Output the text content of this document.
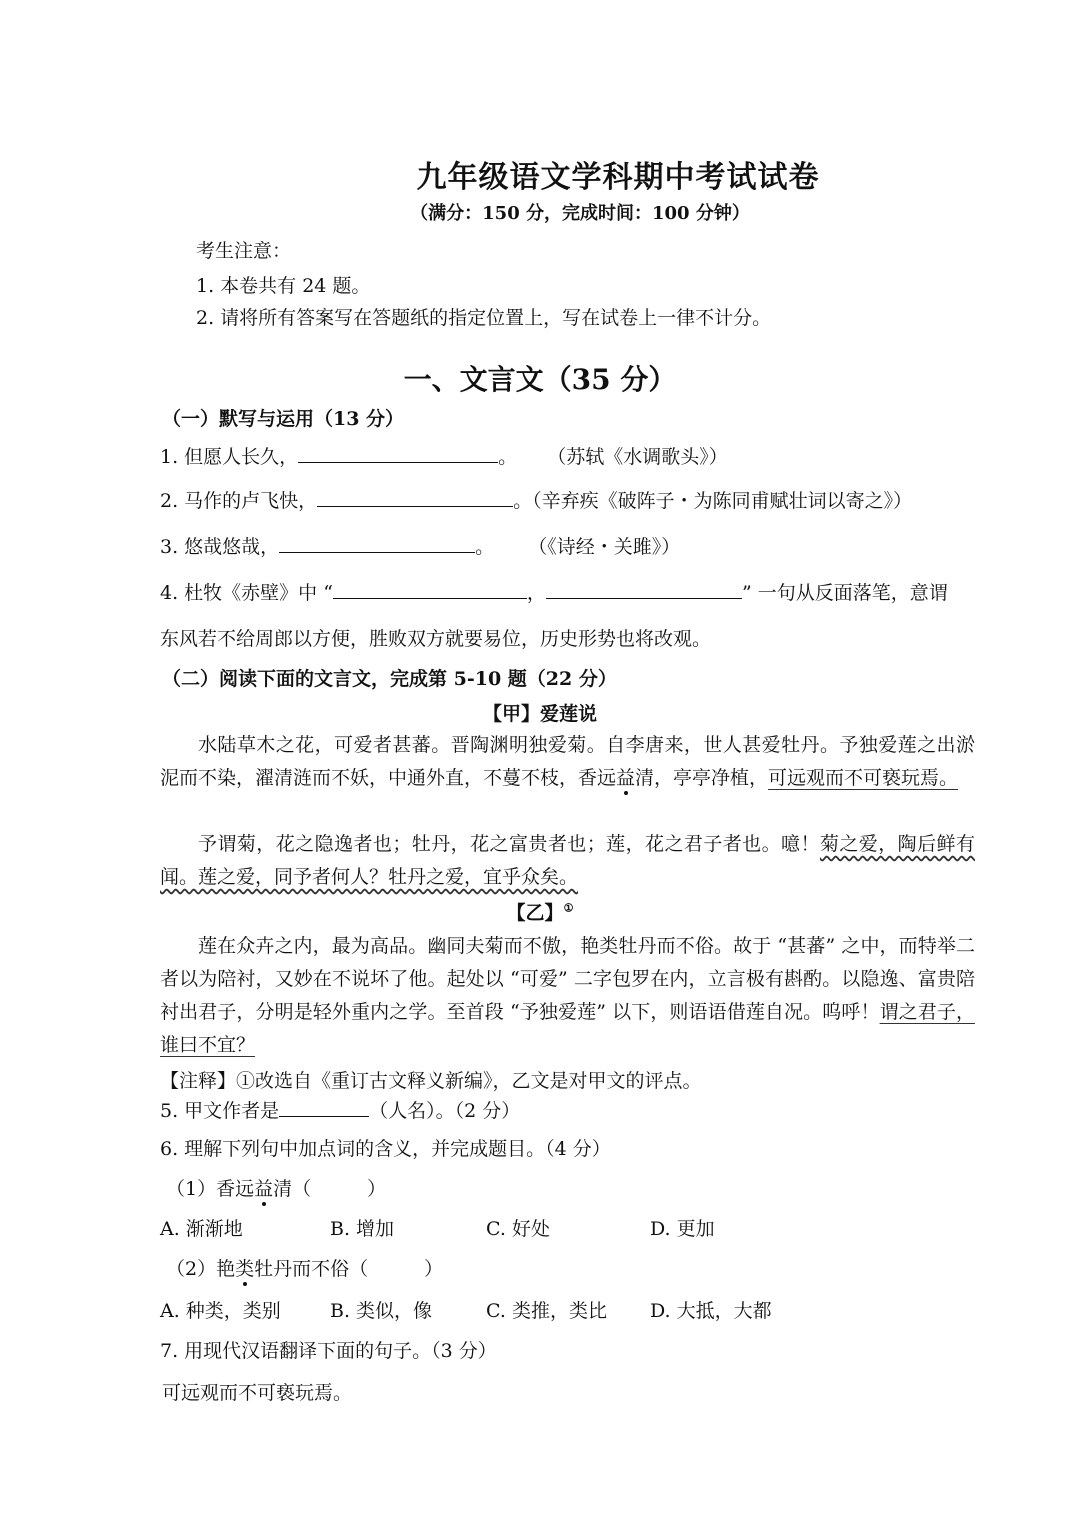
九年级语文学科期中考试试卷
（满分：150 分，完成时间：100 分钟）
考生注意：
1. 本卷共有 24 题。
2. 请将所有答案写在答题纸的指定位置上，写在试卷上一律不计分。
一、文言文（35 分）
（一）默写与运用（13 分）
1. 但愿人长久，	。 （苏轼《水调歌头》）
2. 马作的卢飞快，	。（辛弃疾《破阵子・为陈同甫赋壮词以寄之》）
3. 悠哉悠哉，	。 （《诗经・关雎》）
4. 杜牧《赤壁》中 “	，	” 一句从反面落笔，意谓
东风若不给周郎以方便，胜败双方就要易位，历史形势也将改观。
（二）阅读下面的文言文，完成第 5-10 题（22 分）
【甲】爱莲说
水陆草木之花，可爱者甚蕃。晋陶渊明独爱菊。自李唐来，世人甚爱牡丹。予独爱莲之出淤泥而不染，濯清涟而不妖，中通外直，不蔓不枝，香远益清，亭亭净植，可远观而不可亵玩焉。
予谓菊，花之隐逸者也；牡丹，花之富贵者也；莲，花之君子者也。噫！菊之爱，陶后鲜有闻。莲之爱，同予者何人？牡丹之爱，宜乎众矣。
【乙】①
莲在众卉之内，最为高品。幽同夫菊而不傲，艳类牡丹而不俗。故于 “甚蕃” 之中，而特举二者以为陪衬，又妙在不说坏了他。起处以 “可爱” 二字包罗在内，立言极有斟酌。以隐逸、富贵陪衬出君子，分明是轻外重内之学。至首段 “予独爱莲” 以下，则语语借莲自况。呜呼！谓之君子，谁曰不宜？
【注释】①改选自《重订古文释义新编》，乙文是对甲文的评点。
5. 甲文作者是	（人名）。（2 分）
6. 理解下列句中加点词的含义，并完成题目。（4 分）
（1）香远益清（	）
A. 渐渐地	B. 增加	C. 好处	D. 更加
（2）艳类牡丹而不俗（	）
A. 种类，类别	B. 类似，像	C. 类推，类比 D. 大抵，大都
7. 用现代汉语翻译下面的句子。（3 分）
可远观而不可亵玩焉。
